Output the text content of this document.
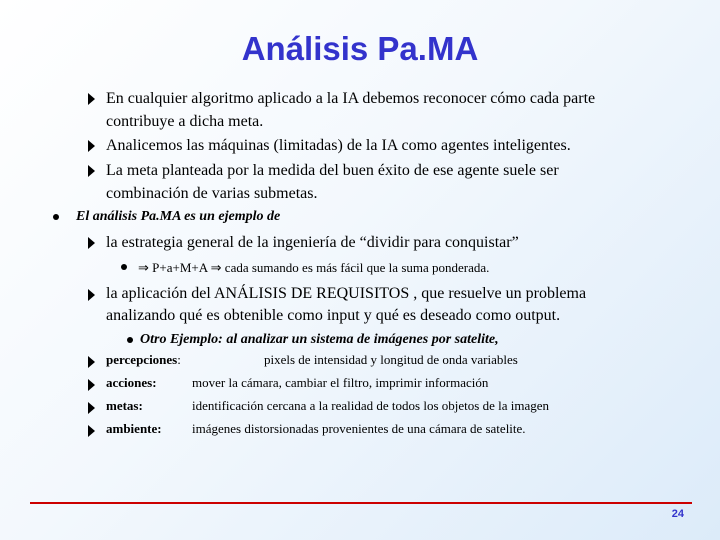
Análisis Pa.MA
En cualquier algoritmo aplicado a la IA debemos reconocer cómo cada parte
contribuye a dicha meta.
Analicemos las máquinas (limitadas) de la IA como agentes inteligentes.
La meta planteada por la medida del buen éxito de ese agente suele ser
combinación de varias submetas.
El análisis Pa.MA es un ejemplo de
la estrategia general de la ingeniería de “dividir para conquistar”
⇒ P+a+M+A ⇒ cada sumando es más fácil que la suma ponderada.
la aplicación del ANÁLISIS DE REQUISITOS , que resuelve un problema
analizando qué es obtenible como input y qué es deseado como output.
Otro Ejemplo: al analizar un sistema de imágenes por satelite,
percepciones:	pixels de intensidad y longitud de onda variables
acciones:	mover la cámara, cambiar el filtro, imprimir información
metas:	identificación cercana a la realidad de todos los objetos de la imagen
ambiente: imágenes distorsionadas provenientes de una cámara de satelite.
24
